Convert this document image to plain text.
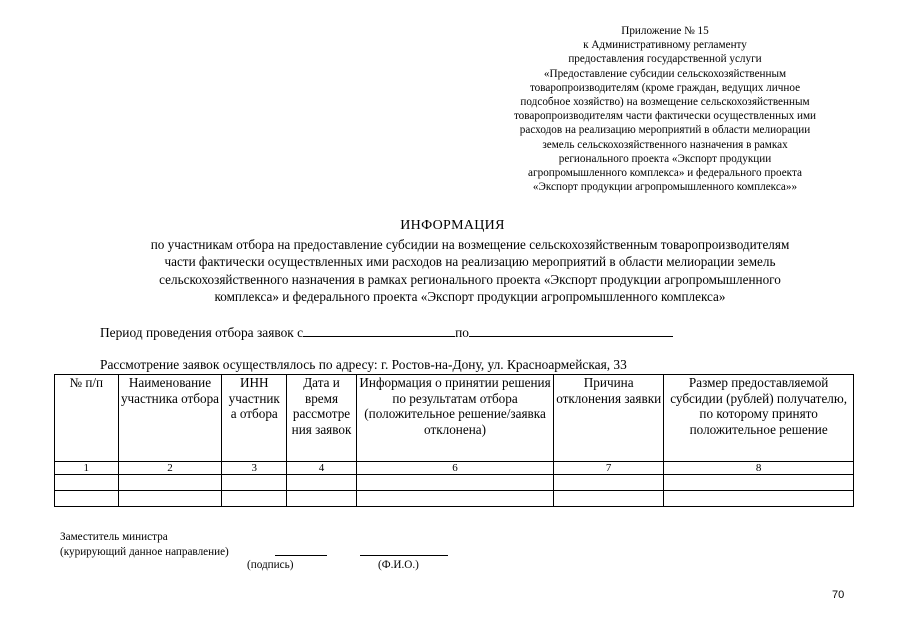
Приложение № 15
к Административному регламенту
предоставления государственной услуги
«Предоставление субсидии сельскохозяйственным
товаропроизводителям (кроме граждан, ведущих личное
подсобное хозяйство) на возмещение сельскохозяйственным
товаропроизводителям части фактически осуществленных ими
расходов на реализацию мероприятий в области мелиорации
земель сельскохозяйственного назначения в рамках
регионального проекта «Экспорт продукции
агропромышленного комплекса» и федерального проекта
«Экспорт продукции агропромышленного комплекса»»
ИНФОРМАЦИЯ
по участникам отбора на предоставление субсидии на возмещение сельскохозяйственным товаропроизводителям
части фактически осуществленных ими расходов на реализацию мероприятий в области мелиорации земель
сельскохозяйственного назначения в рамках регионального проекта «Экспорт продукции агропромышленного
комплекса» и федерального проекта «Экспорт продукции агропромышленного комплекса»
Период проведения отбора заявок с	по
Рассмотрение заявок осуществлялось по адресу: г. Ростов-на-Дону, ул. Красноармейская, 33
№ п/п	Наименование участника отбора	ИНН участник а отбора	Дата и время рассмотре ния заявок	Информация о принятии решения по результатам отбора (положительное решение/заявка отклонена)	Причина отклонения заявки	Размер предоставляемой субсидии (рублей) получателю, по которому принято положительное решение
1	2	3	4	6	7	8

Заместитель министра
(курирующий данное направление)
(подпись)	(Ф.И.О.)
70
